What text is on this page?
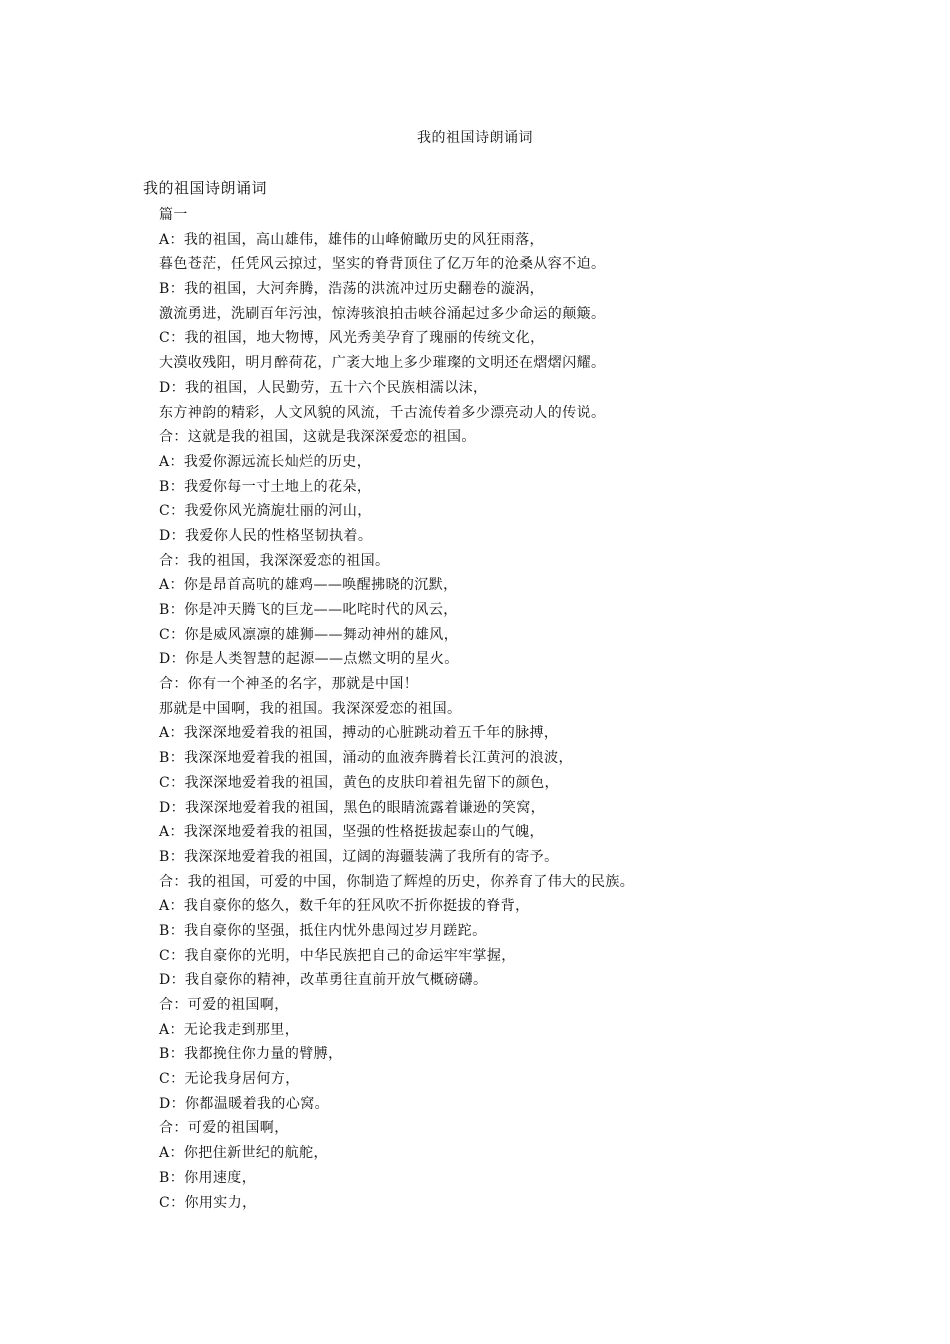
我的祖国诗朗诵词
我的祖国诗朗诵词
篇一
A：我的祖国，高山雄伟，雄伟的山峰俯瞰历史的风狂雨落，
暮色苍茫，任凭风云掠过，坚实的脊背顶住了亿万年的沧桑从容不迫。
B：我的祖国，大河奔腾，浩荡的洪流冲过历史翻卷的漩涡，
激流勇进，洗刷百年污浊，惊涛骇浪拍击峡谷涌起过多少命运的颠簸。
C：我的祖国，地大物博，风光秀美孕育了瑰丽的传统文化，
大漠收残阳，明月醉荷花，广袤大地上多少璀璨的文明还在熠熠闪耀。
D：我的祖国，人民勤劳，五十六个民族相濡以沫，
东方神韵的精彩，人文风貌的风流，千古流传着多少漂亮动人的传说。
合：这就是我的祖国，这就是我深深爱恋的祖国。
A：我爱你源远流长灿烂的历史，
B：我爱你每一寸土地上的花朵，
C：我爱你风光旖旎壮丽的河山，
D：我爱你人民的性格坚韧执着。
合：我的祖国，我深深爱恋的祖国。
A：你是昂首高吭的雄鸡——唤醒拂晓的沉默，
B：你是冲天腾飞的巨龙——叱咤时代的风云，
C：你是威风凛凛的雄狮——舞动神州的雄风，
D：你是人类智慧的起源——点燃文明的星火。
合：你有一个神圣的名字，那就是中国！
那就是中国啊，我的祖国。我深深爱恋的祖国。
A：我深深地爱着我的祖国，搏动的心脏跳动着五千年的脉搏，
B：我深深地爱着我的祖国，涌动的血液奔腾着长江黄河的浪波，
C：我深深地爱着我的祖国，黄色的皮肤印着祖先留下的颜色，
D：我深深地爱着我的祖国，黑色的眼睛流露着谦逊的笑窝，
A：我深深地爱着我的祖国，坚强的性格挺拔起泰山的气魄，
B：我深深地爱着我的祖国，辽阔的海疆装满了我所有的寄予。
合：我的祖国，可爱的中国，你制造了辉煌的历史，你养育了伟大的民族。
A：我自豪你的悠久，数千年的狂风吹不折你挺拔的脊背，
B：我自豪你的坚强，抵住内忧外患闯过岁月蹉跎。
C：我自豪你的光明，中华民族把自己的命运牢牢掌握，
D：我自豪你的精神，改革勇往直前开放气概磅礴。
合：可爱的祖国啊，
A：无论我走到那里，
B：我都挽住你力量的臂膊，
C：无论我身居何方，
D：你都温暖着我的心窝。
合：可爱的祖国啊，
A：你把住新世纪的航舵，
B：你用速度，
C：你用实力，
